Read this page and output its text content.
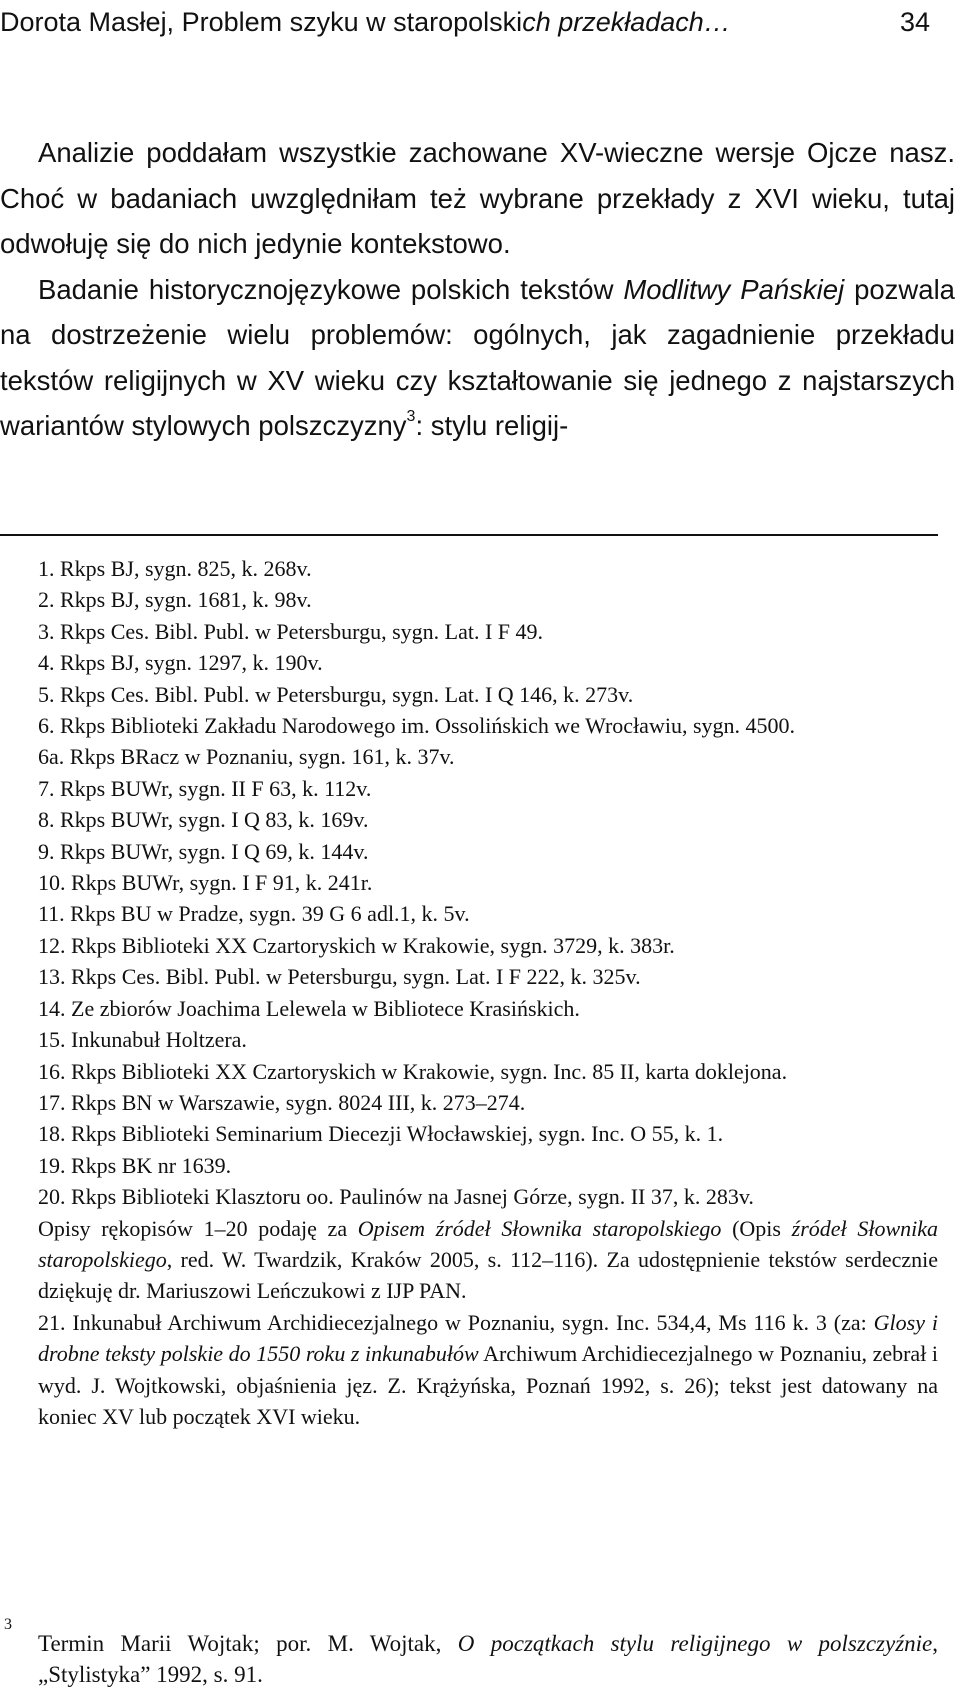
Dorota Masłej, Problem szyku w staropolskich przekładach…	34

Analizie poddałam wszystkie zachowane XV-wieczne wersje Ojcze nasz. Choć w badaniach uwzględniłam też wybrane przekłady z XVI wieku, tutaj odwołuję się do nich jedynie kontekstowo.

Badanie historycznojęzykowe polskich tekstów Modlitwy Pańskiej pozwala na dostrzeżenie wielu problemów: ogólnych, jak zagadnienie przekładu tekstów religijnych w XV wieku czy kształtowanie się jednego z najstarszych wariantów stylowych polszczyzny$^3$: stylu religij-

1. Rkps BJ, sygn. 825, k. 268v.

2. Rkps BJ, sygn. 1681, k. 98v.

3. Rkps Ces. Bibl. Publ. w Petersburgu, sygn. Lat. I F 49.

4. Rkps BJ, sygn. 1297, k. 190v.

5. Rkps Ces. Bibl. Publ. w Petersburgu, sygn. Lat. I Q 146, k. 273v.

6. Rkps Biblioteki Zakładu Narodowego im. Ossolińskich we Wrocławiu, sygn. 4500.

6a. Rkps BRacz w Poznaniu, sygn. 161, k. 37v.

7. Rkps BUWr, sygn. II F 63, k. 112v.

8. Rkps BUWr, sygn. I Q 83, k. 169v.

9. Rkps BUWr, sygn. I Q 69, k. 144v.

10. Rkps BUWr, sygn. I F 91, k. 241r.

11. Rkps BU w Pradze, sygn. 39 G 6 adl.1, k. 5v.

12. Rkps Biblioteki XX Czartoryskich w Krakowie, sygn. 3729, k. 383r.

13. Rkps Ces. Bibl. Publ. w Petersburgu, sygn. Lat. I F 222, k. 325v.

14. Ze zbiorów Joachima Lelewela w Bibliotece Krasińskich.

15. Inkunabuł Holtzera.

16. Rkps Biblioteki XX Czartoryskich w Krakowie, sygn. Inc. 85 II, karta doklejona.

17. Rkps BN w Warszawie, sygn. 8024 III, k. 273–274.

18. Rkps Biblioteki Seminarium Diecezji Włocławskiej, sygn. Inc. O 55, k. 1.

19. Rkps BK nr 1639.

20. Rkps Biblioteki Klasztoru oo. Paulinów na Jasnej Górze, sygn. II 37, k. 283v.

Opisy rękopisów 1–20 podaję za Opisem źródeł Słownika staropolskiego (Opis źródeł Słownika staropolskiego, red. W. Twardzik, Kraków 2005, s. 112–116). Za udostępnienie tekstów serdecznie dziękuję dr. Mariuszowi Leńczukowi z IJP PAN.

21. Inkunabuł Archiwum Archidiecezjalnego w Poznaniu, sygn. Inc. 534,4, Ms 116 k. 3 (za: Glosy i drobne teksty polskie do 1550 roku z inkunabułów Archiwum Archidiecezjalnego w Poznaniu, zebrał i wyd. J. Wojtkowski, objaśnienia jęz. Z. Krążyńska, Poznań 1992, s. 26); tekst jest datowany na koniec XV lub początek XVI wieku.

3
Termin Marii Wojtak; por. M. Wojtak, O początkach stylu religijnego w polszczyźnie, „Stylistyka” 1992, s. 91.
